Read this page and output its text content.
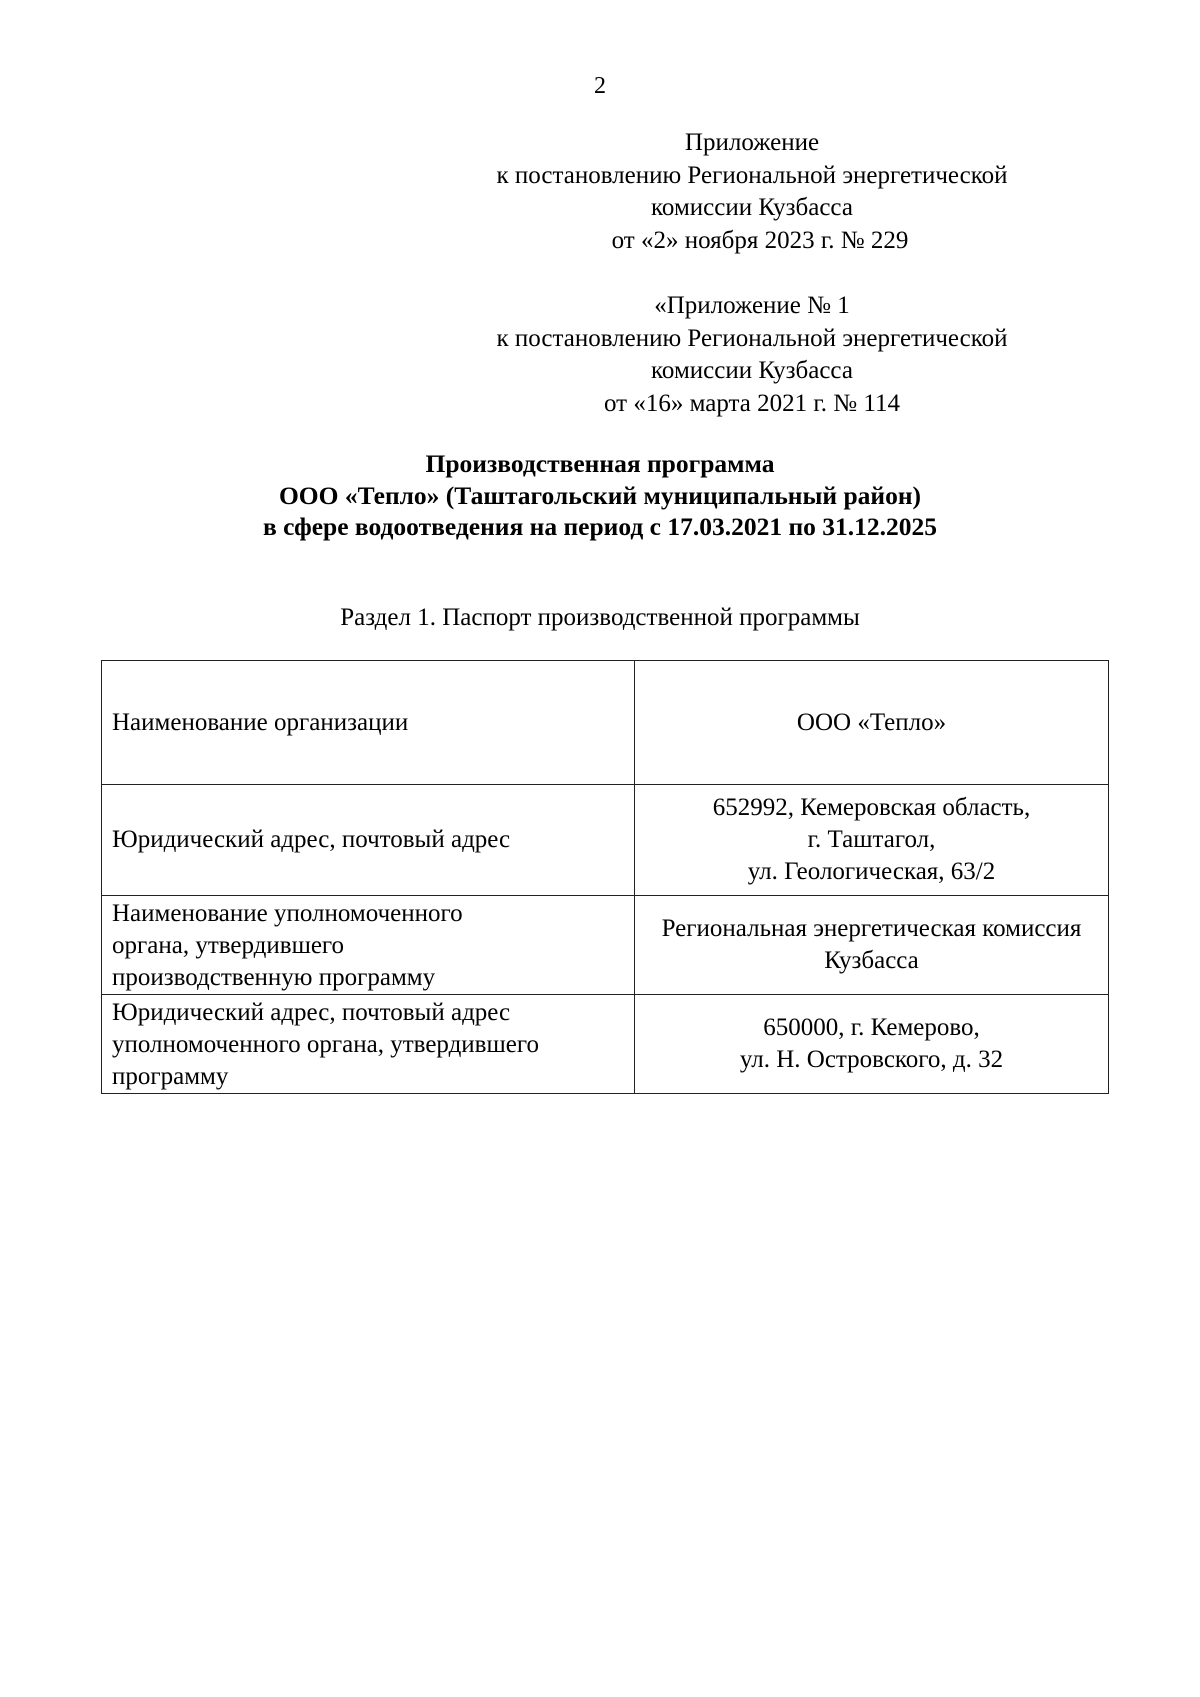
2
Приложение
к постановлению Региональной энергетической
комиссии Кузбасса
от «2» ноября 2023 г. № 229
«Приложение № 1
к постановлению Региональной энергетической
комиссии Кузбасса
от «16» марта 2021 г. № 114
Производственная программа
ООО «Тепло» (Таштагольский муниципальный район)
в сфере водоотведения на период с 17.03.2021 по 31.12.2025
Раздел 1. Паспорт производственной программы
Наименование организации	ООО «Тепло»

Юридический адрес, почтовый адрес	652992, Кемеровская область,
г. Таштагол,
ул. Геологическая, 63/2

Наименование уполномоченного
органа, утвердившего
производственную программу	Региональная энергетическая комиссия
Кузбасса

Юридический адрес, почтовый адрес
уполномоченного органа, утвердившего
программу	650000, г. Кемерово,
ул. Н. Островского, д. 32
